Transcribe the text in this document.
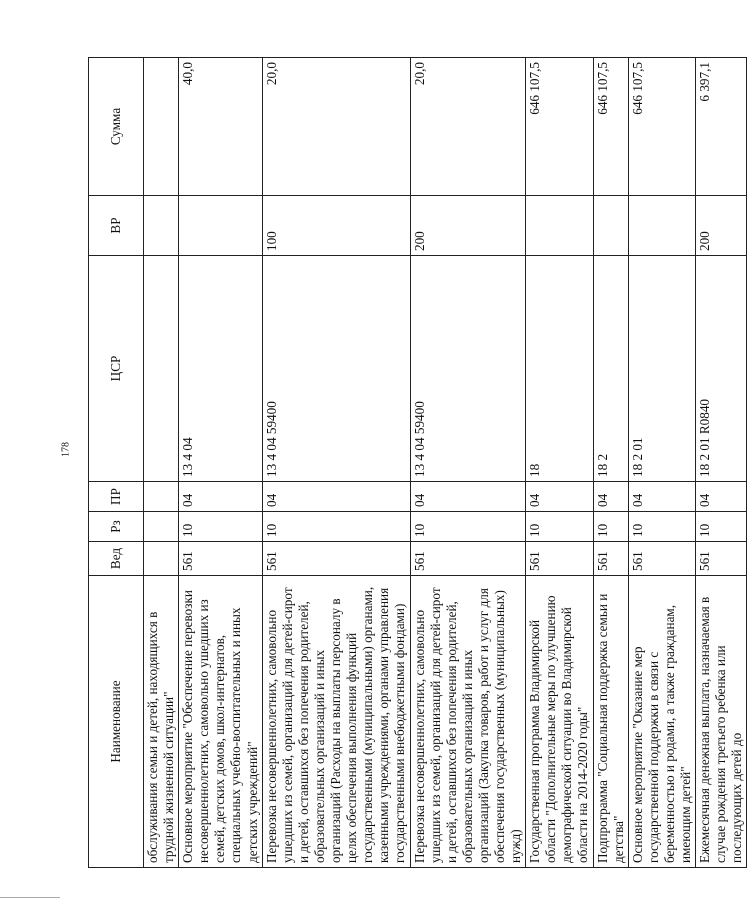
178
Наименование	Вед	Рз	ПР	ЦСР	ВР	Сумма
обслуживания семьи и детей, находящихся в трудной жизненной ситуации"						
Основное мероприятие "Обеспечение перевозки несовершеннолетних, самовольно ушедших из семей, детских домов, школ-интернатов, специальных учебно-воспитательных и иных детских учреждений"	561	10	04	13 4 04		40,0
Перевозка несовершеннолетних, самовольно ушедших из семей, организаций для детей-сирот и детей, оставшихся без попечения родителей, образовательных организаций и иных организаций (Расходы на выплаты персоналу в целях обеспечения выполнения функций государственными (муниципальными) органами, казенными учреждениями, органами управления государственными внебюджетными фондами)	561	10	04	13 4 04 59400	100	20,0
Перевозка несовершеннолетних, самовольно ушедших из семей, организаций для детей-сирот и детей, оставшихся без попечения родителей, образовательных организаций и иных организаций (Закупка товаров, работ и услуг для обеспечения государственных (муниципальных) нужд)	561	10	04	13 4 04 59400	200	20,0
Государственная программа Владимирской области "Дополнительные меры по улучшению демографической ситуации во Владимирской области на 2014-2020 годы"	561	10	04	18		646 107,5
Подпрограмма "Социальная поддержка семьи и детства"	561	10	04	18 2		646 107,5
Основное мероприятие "Оказание мер государственной поддержки в связи с беременностью и родами, а также гражданам, имеющим детей"	561	10	04	18 2 01		646 107,5
Ежемесячная денежная выплата, назначаемая в случае рождения третьего ребенка или последующих детей до	561	10	04	18 2 01 R0840	200	6 397,1
